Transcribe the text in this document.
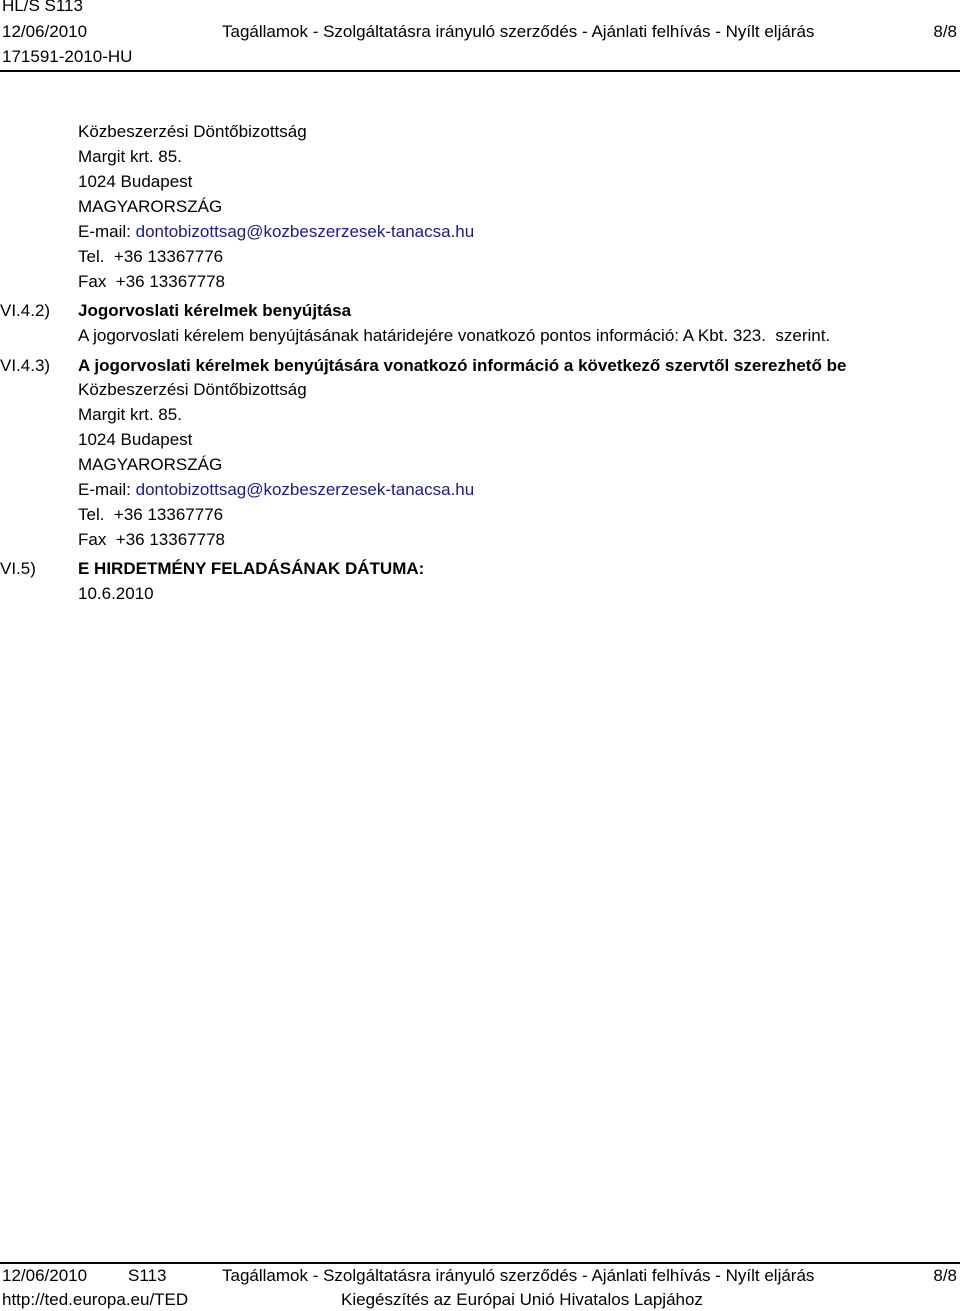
HL/S S113
12/06/2010	Tagállamok - Szolgáltatásra irányuló szerződés - Ajánlati felhívás - Nyílt eljárás	8/8
171591-2010-HU
Közbeszerzési Döntőbizottság
Margit krt. 85.
1024 Budapest
MAGYARORSZÁG
E-mail: dontobizottsag@kozbeszerzesek-tanacsa.hu
Tel.  +36 13367776
Fax  +36 13367778
VI.4.2) Jogorvoslati kérelmek benyújtása
A jogorvoslati kérelem benyújtásának határidejére vonatkozó pontos információ: A Kbt. 323.  szerint.
VI.4.3) A jogorvoslati kérelmek benyújtására vonatkozó információ a következő szervtől szerezhető be
Közbeszerzési Döntőbizottság
Margit krt. 85.
1024 Budapest
MAGYARORSZÁG
E-mail: dontobizottsag@kozbeszerzesek-tanacsa.hu
Tel.  +36 13367776
Fax  +36 13367778
VI.5) E HIRDETMÉNY FELADÁSÁNAK DÁTUMA:
10.6.2010
12/06/2010 S113	Tagállamok - Szolgáltatásra irányuló szerződés - Ajánlati felhívás - Nyílt eljárás	8/8
http://ted.europa.eu/TED	Kiegészítés az Európai Unió Hivatalos Lapjához
